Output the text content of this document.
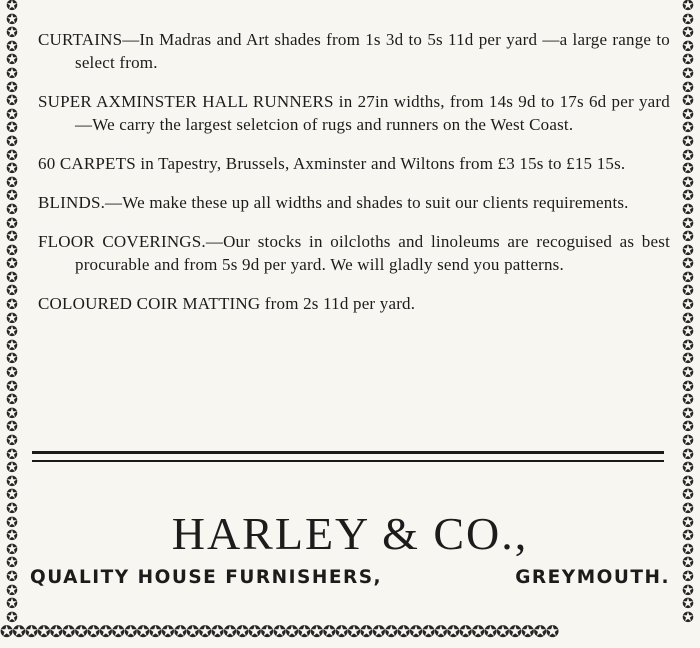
✪
✪
✪
✪
✪
✪
✪
✪
✪
✪
✪
✪
✪
✪
✪
✪
✪
✪
✪
✪
✪
✪
✪
✪
✪
✪
✪
✪
✪
✪
✪
✪
✪
✪
✪
✪
✪
✪
✪
✪
✪
✪
✪
✪
✪
✪
✪
✪
✪
✪
✪
✪
✪
✪
✪
✪
✪
✪
✪
✪
✪
✪
✪
✪
✪
✪
✪
✪
✪
✪
✪
✪
✪
✪
✪
✪
✪
✪
✪
✪
✪
✪
✪
✪
✪
✪
✪
✪
✪
✪
✪
✪
✪✪✪✪✪✪✪✪✪✪✪✪✪✪✪✪✪✪✪✪✪✪✪✪✪✪✪✪✪✪✪✪✪✪✪✪✪✪✪✪✪✪✪✪✪

CURTAINS—In Madras and Art shades from 1s 3d to 5s 11d per yard —a large range to select from.

SUPER AXMINSTER HALL RUNNERS in 27in widths, from 14s 9d to 17s 6d per yard—We carry the largest seletcion of rugs and runners on the West Coast.

60 CARPETS in Tapestry, Brussels, Axminster and Wiltons from £3 15s to £15 15s.

BLINDS.—We make these up all widths and shades to suit our clients requirements.

FLOOR COVERINGS.—Our stocks in oilcloths and linoleums are recoguised as best procurable and from 5s 9d per yard. We will gladly send you patterns.

COLOURED COIR MATTING from 2s 11d per yard.

HARLEY & CO.,
QUALITY HOUSE FURNISHERS,	GREYMOUTH.
